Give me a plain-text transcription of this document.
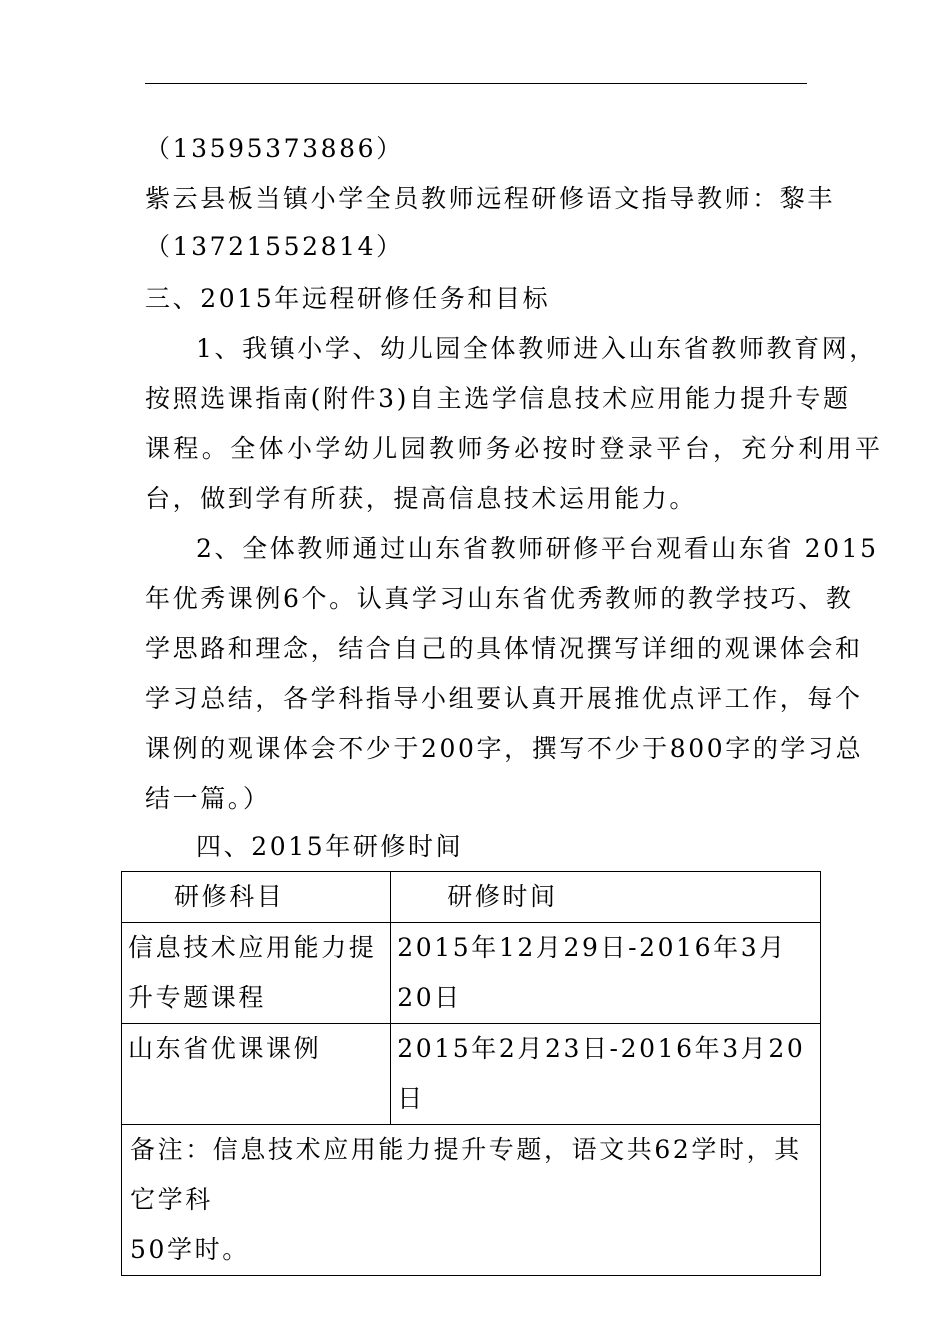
（13595373886）
紫云县板当镇小学全员教师远程研修语文指导教师：黎丰
（13721552814）
三、2015年远程研修任务和目标
1、我镇小学、幼儿园全体教师进入山东省教师教育网，
按照选课指南(附件3)自主选学信息技术应用能力提升专题
课程。全体小学幼儿园教师务必按时登录平台，充分利用平
台，做到学有所获，提高信息技术运用能力。
2、全体教师通过山东省教师研修平台观看山东省 2015
年优秀课例6个。认真学习山东省优秀教师的教学技巧、教
学思路和理念，结合自己的具体情况撰写详细的观课体会和
学习总结，各学科指导小组要认真开展推优点评工作，每个
课例的观课体会不少于200字，撰写不少于800字的学习总
结一篇。）
四、2015年研修时间
研修科目	研修时间

信息技术应用能力提
升专题课程	2015年12月29日-2016年3月20日
山东省优课课例	2015年2月23日-2016年3月20日

备注：信息技术应用能力提升专题，语文共62学时，其它学科
50学时。	
